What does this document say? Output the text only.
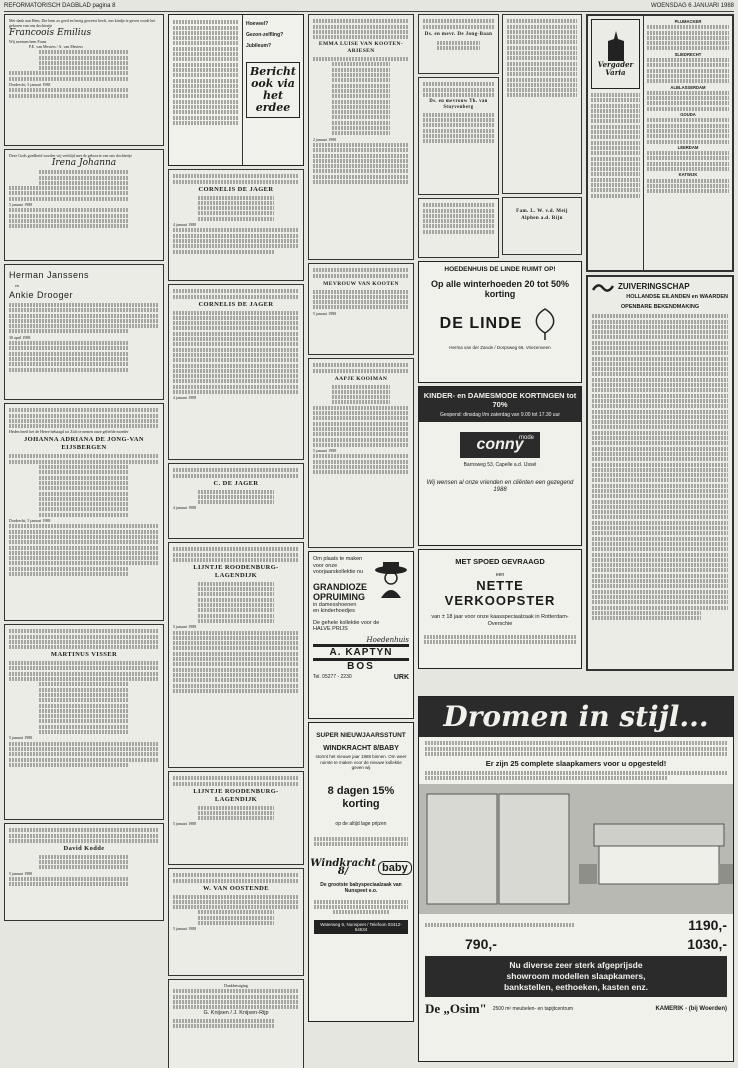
REFORMATORISCH DAGBLAD pagina 8	WOENSDAG 6 JANUARI 1988
Met dank aan Hem, Die hem zo goed en bezig geweest heeft, ons kindje te geven wordt het geboren van ons dochtertje
Francoois Emilius
Wij noemen hem Frans
P.E. van Mesters / A. van Mesters
Dordrecht, 5 januari 1988
Deze Gods goedheid worden wij verblijd met de geboorte van ons dochtertje
Irena Johanna
5 januari 1988
Herman Janssens
en
Ankie Drooger
30 april 1988
Heden heeft het de Heere behaagd tot Zich te nemen onze geliefde moeder
JOHANNA ADRIANA DE JONG-VAN EIJSBERGEN
Dordrecht, 5 januari 1988
MARTINUS VISSER
5 januari 1988
David Kodde
5 januari 1988
Hoeveel?
Gezon-zelfling?
Jubileum?
Bericht ook via het erdee
CORNELIS DE JAGER
4 januari 1988
CORNELIS DE JAGER
4 januari 1988
C. DE JAGER
4 januari 1988
LIJNTJE ROODENBURG-LAGENDIJK
5 januari 1988
LIJNTJE ROODENBURG-LAGENDIJK
5 januari 1988
W. VAN OOSTENDE
5 januari 1988
Dankbetuiging
G. Knijsen / J. Knijsen-Rijp
EMMA LUISE VAN KOOTEN-ARIESEN
2 januari 1988
MEVROUW VAN KOOTEN
5 januari 1988
AAPJE KOOIMAN
5 januari 1988
Om plaats te maken
voor onze
voorjaarskollektie nu
GRANDIOZE
OPRUIMING
in damesshoenen
en kinderhoedjes
De gehele kollektie voor de HALVE PRIJS
Hoedenhuis
A. KAPTYN
BOS
Tel. 05277 - 2230	URK
SUPER NIEUWJAARSSTUNT
WINDKRACHT 8/BABY
stormt het nieuwe jaar 1988 binnen. Om weer ruimte te maken voor de nieuwe kollektie geven wij
8 dagen 15% korting
op de altijd lage prijzen
Windkracht 8/	baby
De grootste babyspeciaalzaak van Nunspeet e.o.
Waterweg 6, Nunspeet / Telefoon 03412-54534
Ds. en mevr. De Jong-Baan
Ds. en mevrouw Th. van Stuyvenberg
Fam. L. W. v.d. Meij Alphen a.d. Rijn
HOEDENHUIS DE LINDE RUIMT OP!
Op alle winterhoeden 20 tot 50% korting
DE LINDE
Herma van der Zande / Dorpsweg 66, Vriezenveen
KINDER- en DAMESMODE KORTINGEN tot 70%
Geopend: dinsdag t/m zaterdag van 9.00 tot 17.30 uur
conny
mode
Barnsweg 53, Capelle a.d. IJssel
Wij wensen al onze vrienden en cliënten een gezegend 1988
MET SPOED GEVRAAGD
een
NETTE
VERKOOPSTER
van ± 18 jaar voor onze kaasspeciaalzaak in Rotterdam-Overschie
Vergader Varia
PLUMACKER
SLIEDRECHT
ALBLASSERDAM
GOUDA
LEERDAM
KATWIJK
ZUIVERINGSCHAP
HOLLANDSE EILANDEN en WAARDEN
OPENBARE BEKENDMAKING
Dromen in stijl...
Er zijn 25 complete slaapkamers voor u opgesteld!
1190,-
790,-	1030,-
Nu diverse zeer sterk afgeprijsde
showroom modellen slaapkamers,
bankstellen, eethoeken, kasten enz.
De „Osim" 2500 m² meubelen- en tapijtcentrum	KAMERIK - (bij Woerden)
